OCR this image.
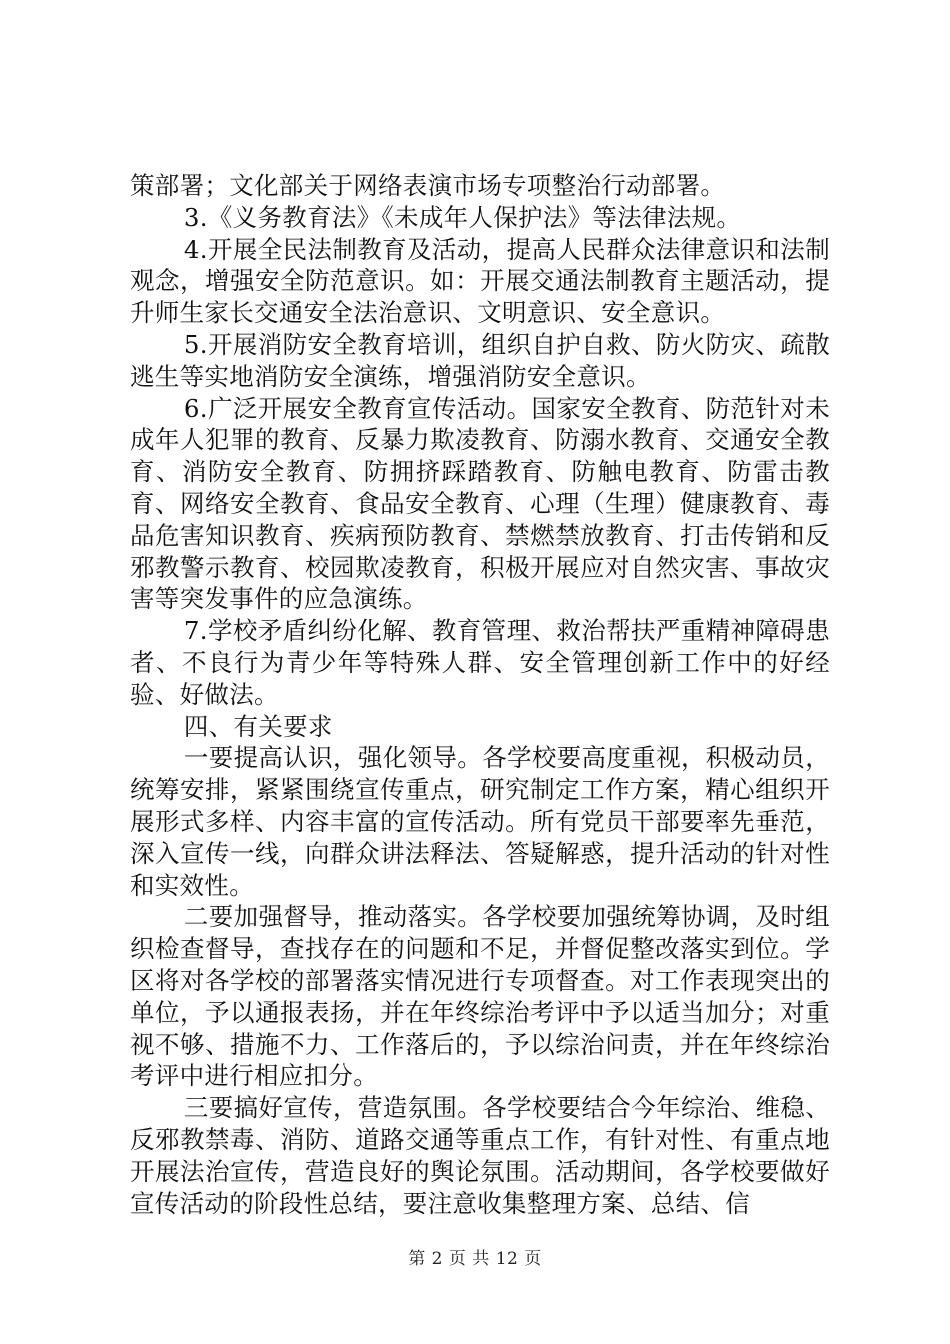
策部署；文化部关于网络表演市场专项整治行动部署。

3.《义务教育法》《未成年人保护法》等法律法规。

4.开展全民法制教育及活动，提高人民群众法律意识和法制观念，增强安全防范意识。如：开展交通法制教育主题活动，提升师生家长交通安全法治意识、文明意识、安全意识。

5.开展消防安全教育培训，组织自护自救、防火防灾、疏散逃生等实地消防安全演练，增强消防安全意识。

6.广泛开展安全教育宣传活动。国家安全教育、防范针对未成年人犯罪的教育、反暴力欺凌教育、防溺水教育、交通安全教育、消防安全教育、防拥挤踩踏教育、防触电教育、防雷击教育、网络安全教育、食品安全教育、心理（生理）健康教育、毒品危害知识教育、疾病预防教育、禁燃禁放教育、打击传销和反邪教警示教育、校园欺凌教育，积极开展应对自然灾害、事故灾害等突发事件的应急演练。

7.学校矛盾纠纷化解、教育管理、救治帮扶严重精神障碍患者、不良行为青少年等特殊人群、安全管理创新工作中的好经验、好做法。

四、有关要求

一要提高认识，强化领导。各学校要高度重视，积极动员，统筹安排，紧紧围绕宣传重点，研究制定工作方案，精心组织开展形式多样、内容丰富的宣传活动。所有党员干部要率先垂范，深入宣传一线，向群众讲法释法、答疑解惑，提升活动的针对性和实效性。

二要加强督导，推动落实。各学校要加强统筹协调，及时组织检查督导，查找存在的问题和不足，并督促整改落实到位。学区将对各学校的部署落实情况进行专项督查。对工作表现突出的单位，予以通报表扬，并在年终综治考评中予以适当加分；对重视不够、措施不力、工作落后的，予以综治问责，并在年终综治考评中进行相应扣分。

三要搞好宣传，营造氛围。各学校要结合今年综治、维稳、反邪教禁毒、消防、道路交通等重点工作，有针对性、有重点地开展法治宣传，营造良好的舆论氛围。活动期间，各学校要做好宣传活动的阶段性总结，要注意收集整理方案、总结、信

第 2 页 共 12 页
